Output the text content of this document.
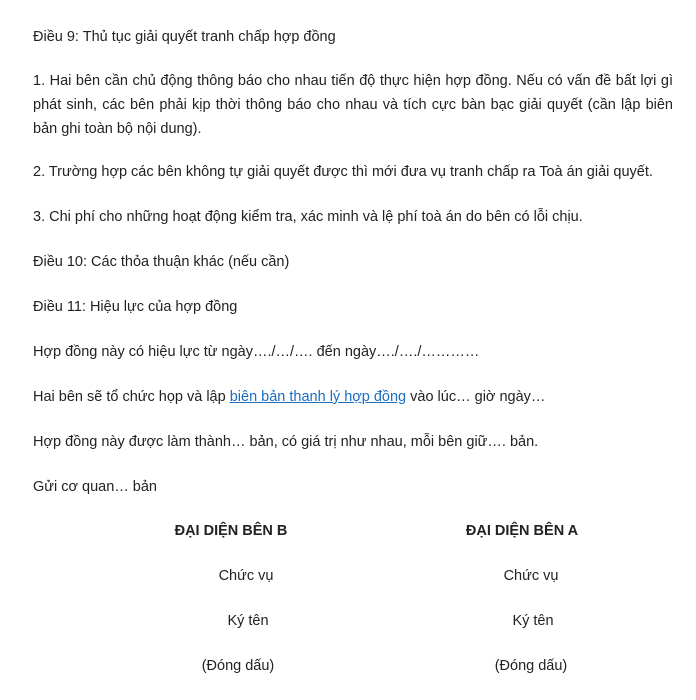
Điều 9: Thủ tục giải quyết tranh chấp hợp đồng

1. Hai bên cần chủ động thông báo cho nhau tiến độ thực hiện hợp đồng. Nếu có vấn đề bất lợi gì phát sinh, các bên phải kịp thời thông báo cho nhau và tích cực bàn bạc giải quyết (cần lập biên bản ghi toàn bộ nội dung).

2. Trường hợp các bên không tự giải quyết được thì mới đưa vụ tranh chấp ra Toà án giải quyết.

3. Chi phí cho những hoạt động kiểm tra, xác minh và lệ phí toà án do bên có lỗi chịu.

Điều 10: Các thỏa thuận khác (nếu cần)

Điều 11: Hiệu lực của hợp đồng

Hợp đồng này có hiệu lực từ ngày…./…/…. đến ngày…./…./…………

Hai bên sẽ tổ chức họp và lập biên bản thanh lý hợp đồng vào lúc… giờ ngày…

Hợp đồng này được làm thành… bản, có giá trị như nhau, mỗi bên giữ…. bản.

Gửi cơ quan… bản

ĐẠI DIỆN BÊN B
Chức vụ
Ký tên
(Đóng dấu)
ĐẠI DIỆN BÊN A
Chức vụ
Ký tên
(Đóng dấu)
